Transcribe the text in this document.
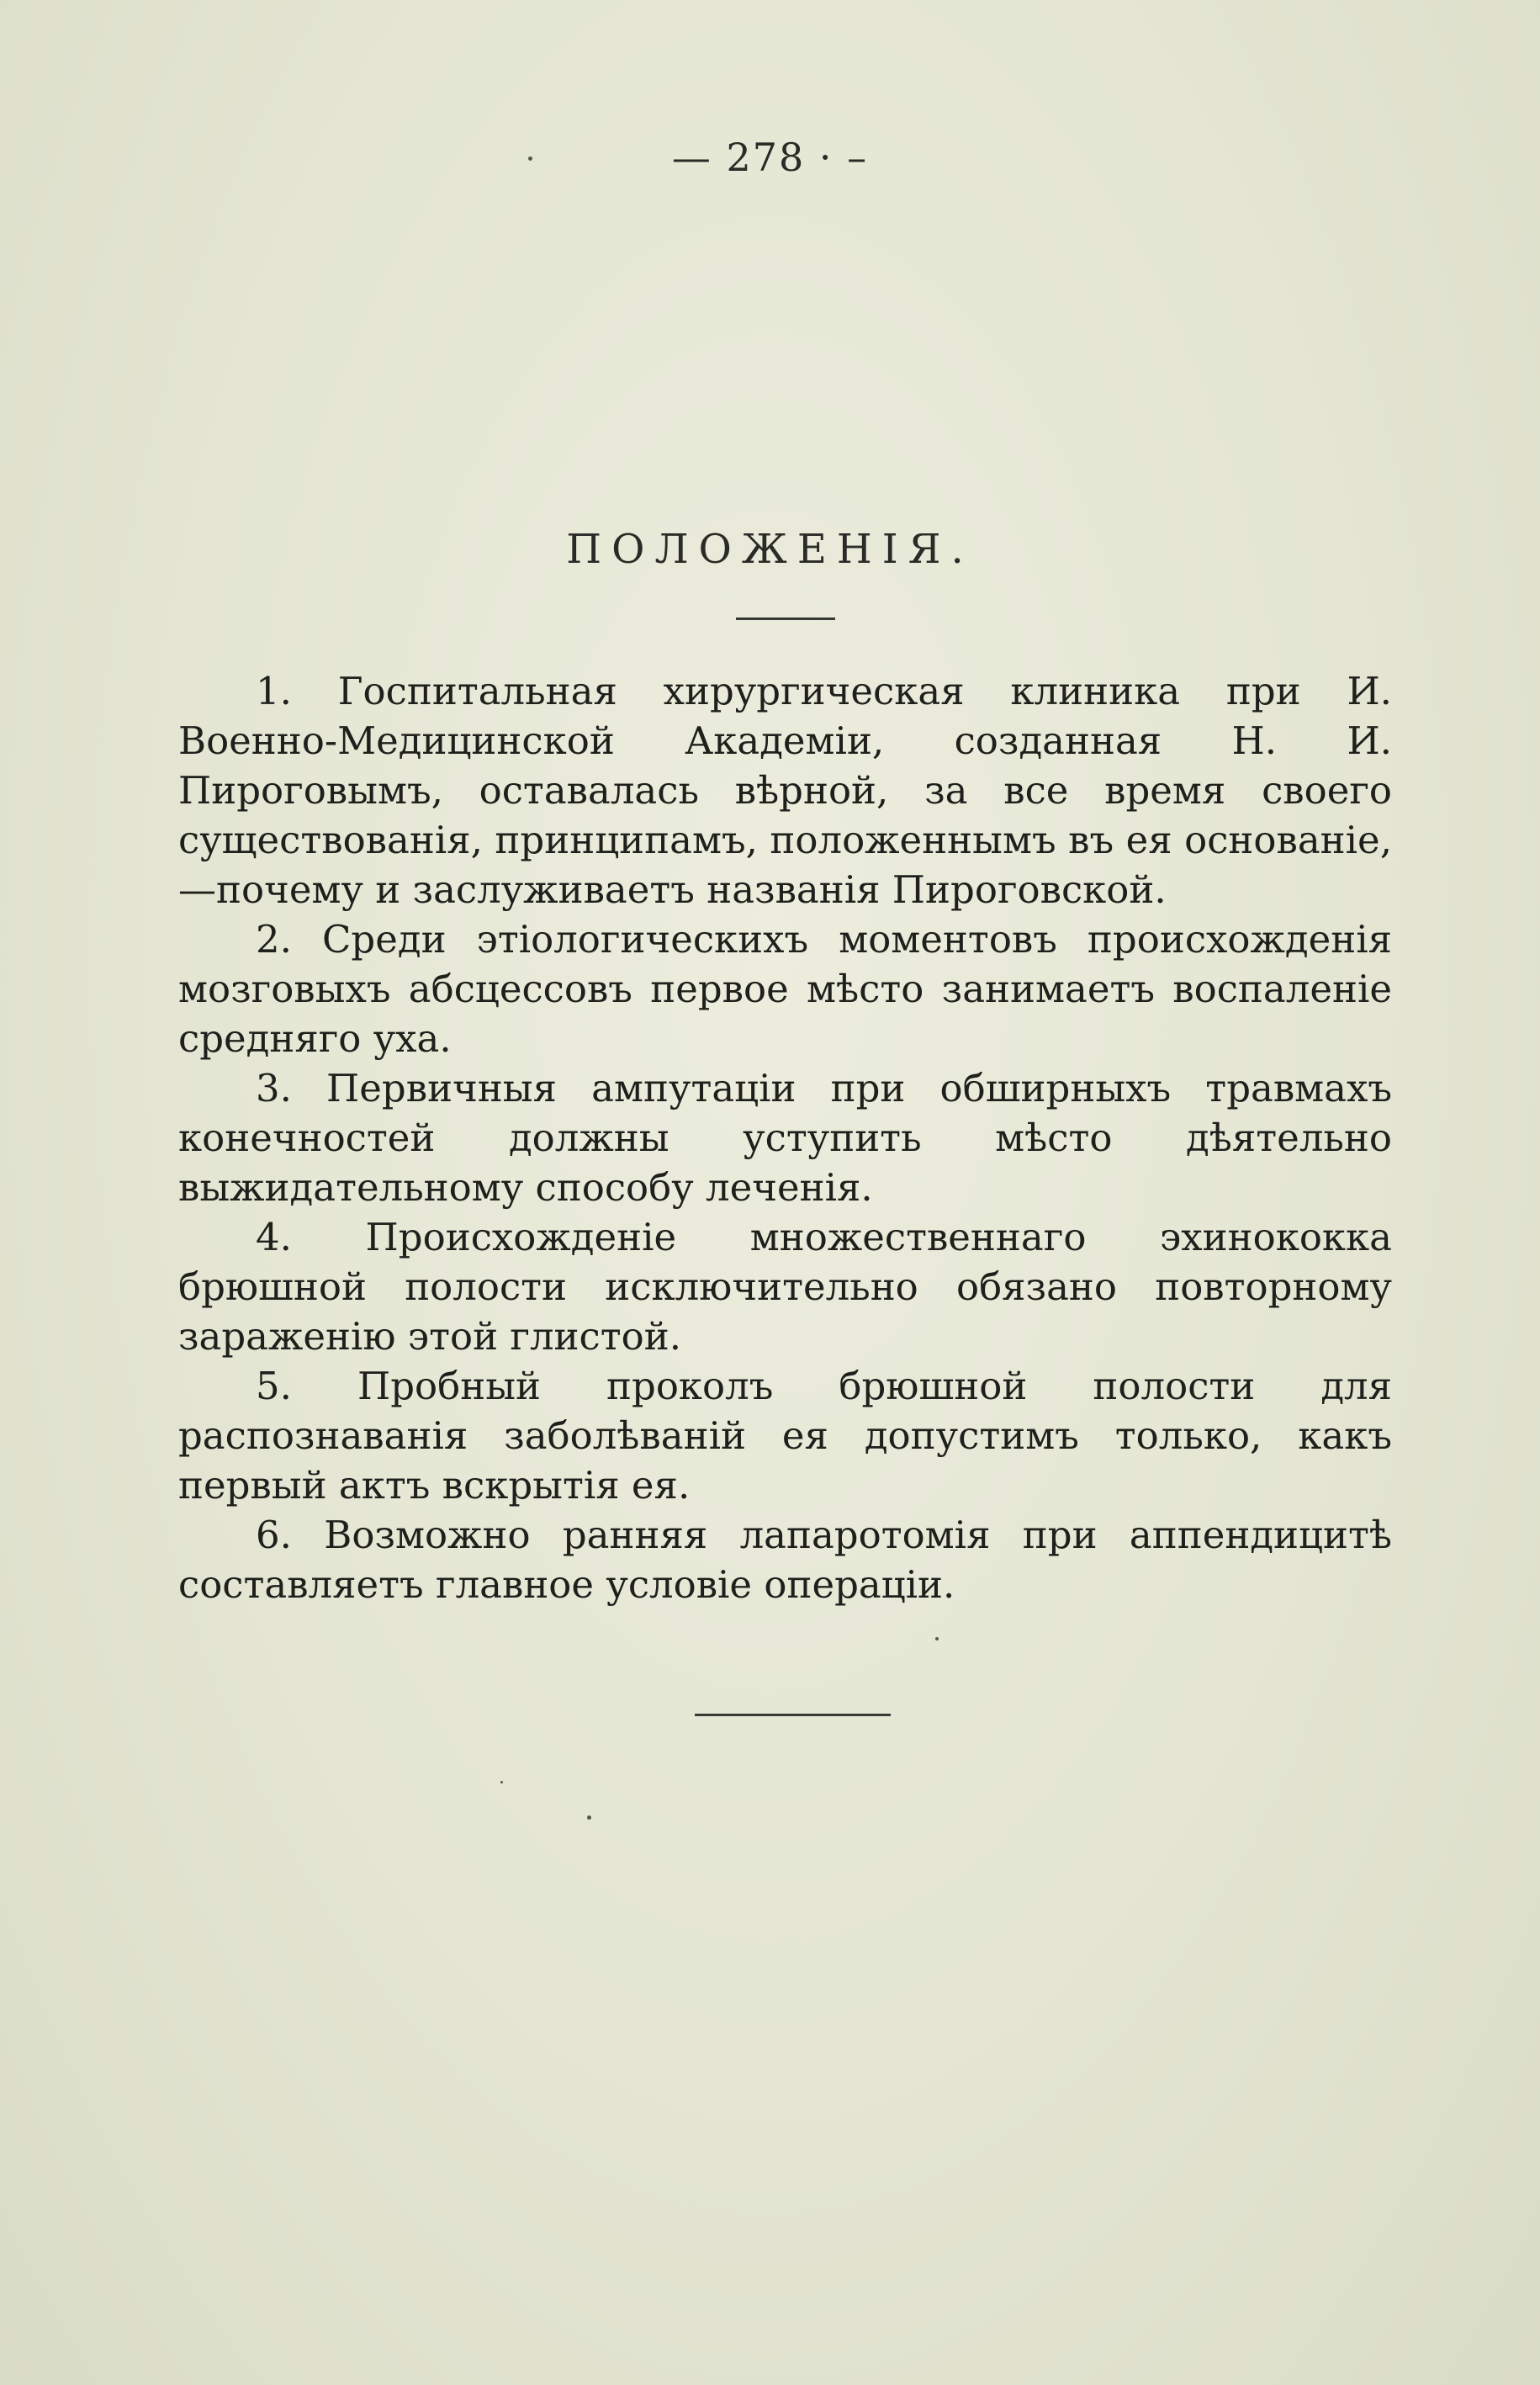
— 278 · –
ПОЛОЖЕНІЯ.

1. Госпитальная хирургическая клиника при И. Военно-Медицинской Академіи, созданная Н. И. Пироговымъ, оставалась вѣрной, за все время своего существованія, принципамъ, положеннымъ въ ея основаніе,—почему и заслуживаетъ названія Пироговской.

2. Среди этіологическихъ моментовъ происхожденія мозговыхъ абсцессовъ первое мѣсто занимаетъ воспаленіе средняго уха.

3. Первичныя ампутаціи при обширныхъ травмахъ конечностей должны уступить мѣсто дѣятельно выжидательному способу леченія.

4. Происхожденіе множественнаго эхинококка брюшной полости исключительно обязано повторному зараженію этой глистой.

5. Пробный проколъ брюшной полости для распознаванія заболѣваній ея допустимъ только, какъ первый актъ вскрытія ея.

6. Возможно ранняя лапаротомія при аппендицитѣ составляетъ главное условіе операціи.
